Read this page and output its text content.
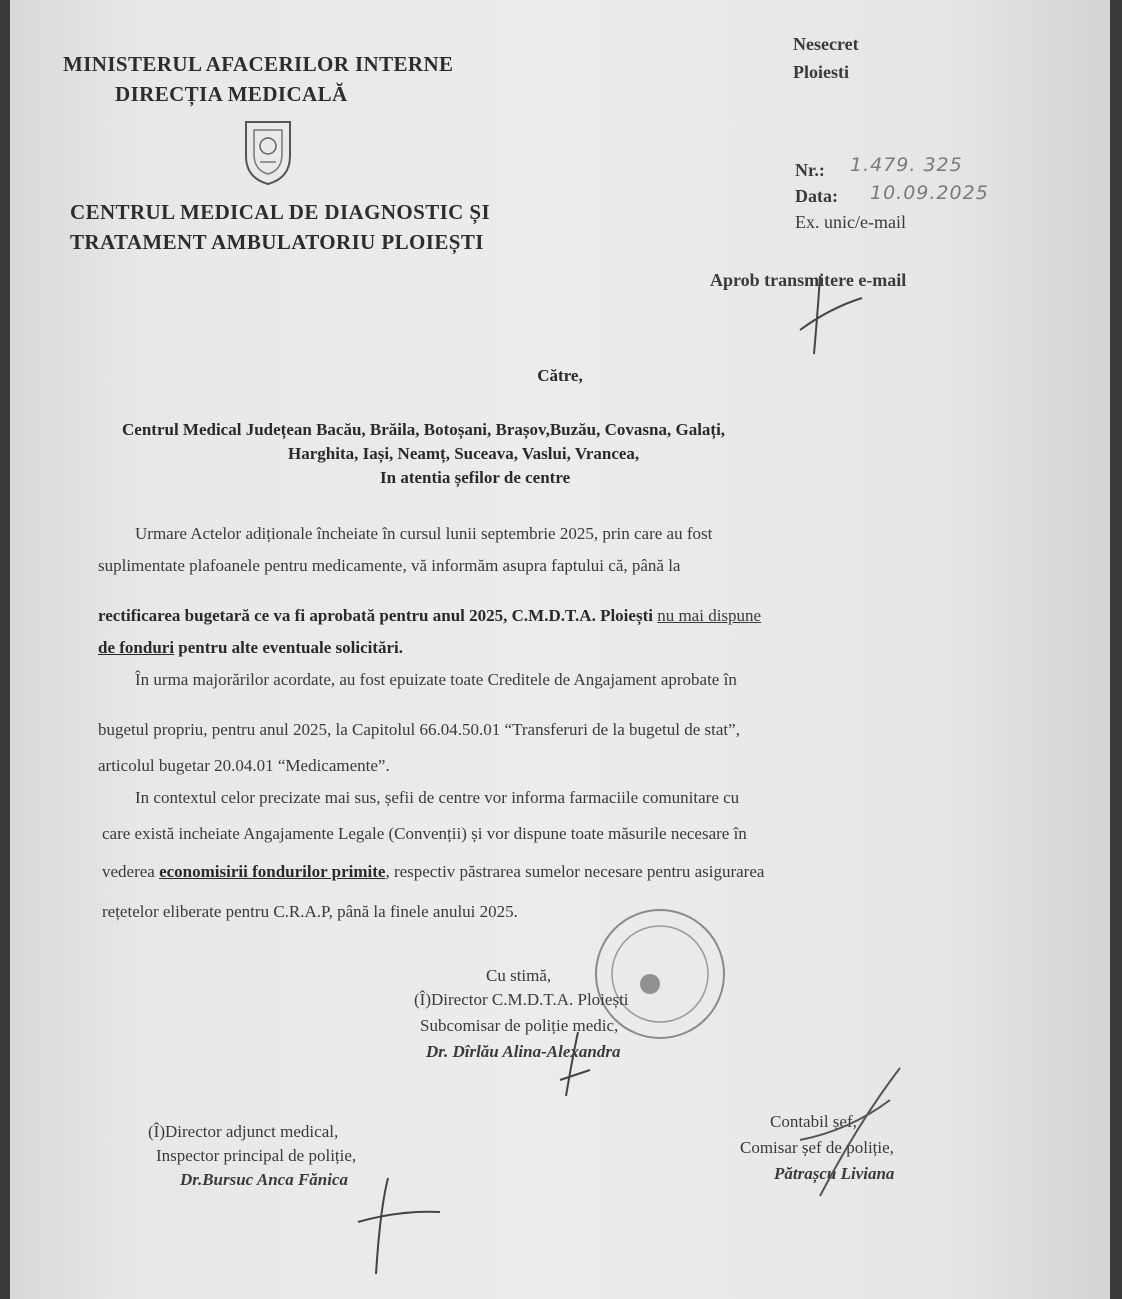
MINISTERUL AFACERILOR INTERNE

DIRECȚIA MEDICALĂ

CENTRUL MEDICAL DE DIAGNOSTIC ȘI

TRATAMENT AMBULATORIU PLOIEȘTI

Nesecret

Ploiesti

Nr.: 1.479. 325

Data: 10.09.2025

Ex. unic/e-mail

Aprob transmitere e-mail

Către,

Centrul Medical Județean Bacău, Brăila, Botoșani, Brașov,Buzău, Covasna, Galați,

Harghita, Iași, Neamț, Suceava, Vaslui, Vrancea,

In atentia șefilor de centre

Urmare Actelor adiționale încheiate în cursul lunii septembrie 2025, prin care au fost

suplimentate plafoanele pentru medicamente, vă informăm asupra faptului că, până la

rectificarea bugetară ce va fi aprobată pentru anul 2025, C.M.D.T.A. Ploiești nu mai dispune

de fonduri pentru alte eventuale solicitări.

În urma majorărilor acordate, au fost epuizate toate Creditele de Angajament aprobate în

bugetul propriu, pentru anul 2025, la Capitolul 66.04.50.01 “Transferuri de la bugetul de stat”,

articolul bugetar 20.04.01 “Medicamente”.

In contextul celor precizate mai sus, șefii de centre vor informa farmaciile comunitare cu

care există incheiate Angajamente Legale (Convenții) și vor dispune toate măsurile necesare în

vederea economisirii fondurilor primite, respectiv păstrarea sumelor necesare pentru asigurarea

rețetelor eliberate pentru C.R.A.P, până la finele anului 2025.

Cu stimă,

(Î)Director C.M.D.T.A. Ploiești

Subcomisar de poliție medic,

Dr. Dîrlău Alina-Alexandra

(Î)Director adjunct medical,

Inspector principal de poliție,

Dr.Bursuc Anca Fănica

Contabil șef,

Comisar șef de poliție,

Pătrașcu Liviana
